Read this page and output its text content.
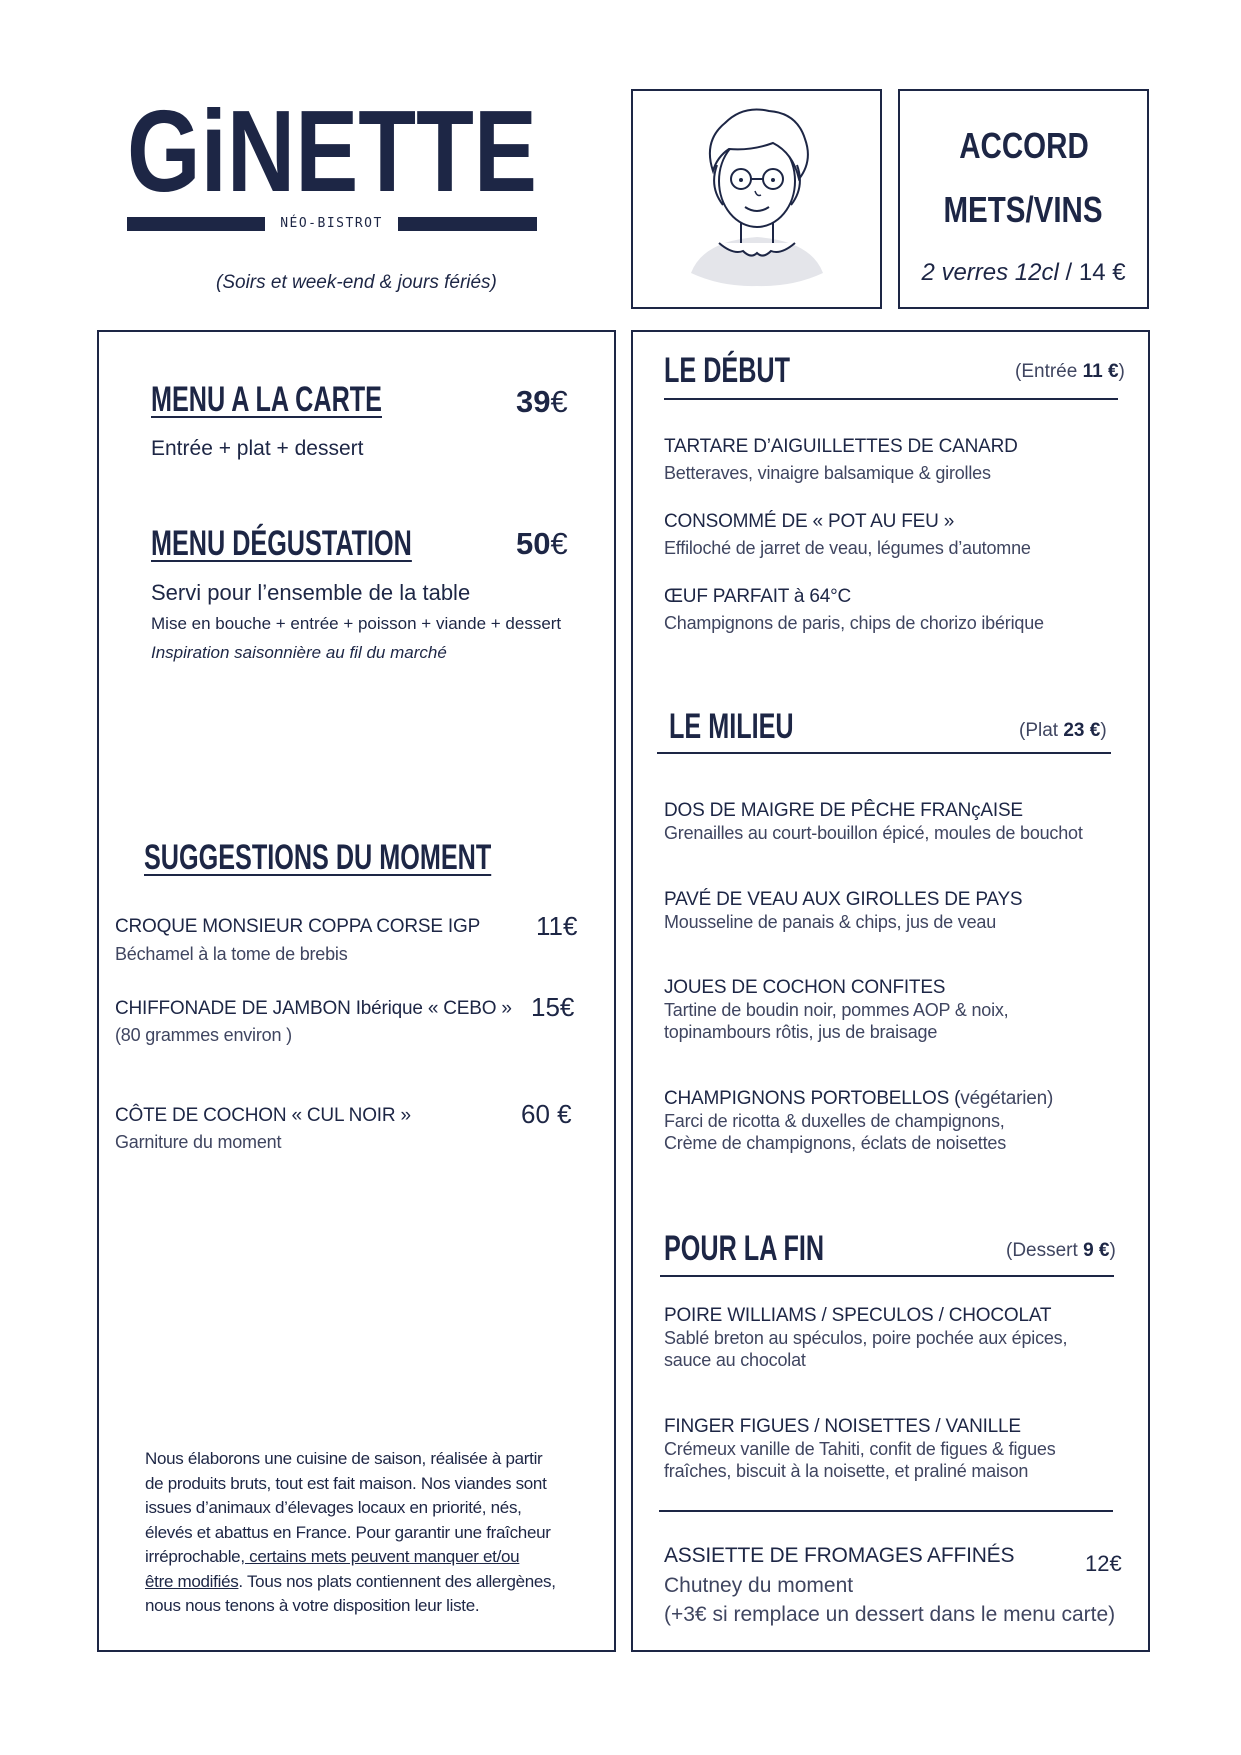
GiNETTE
NÉO-BISTROT
(Soirs et week-end & jours fériés)
ACCORD
METS/VINS
2 verres 12cl / 14 €
MENU A LA CARTE	39€
Entrée + plat + dessert
MENU DÉGUSTATION	50€
Servi pour l’ensemble de la table
Mise en bouche + entrée + poisson + viande + dessert
Inspiration saisonnière au fil du marché
SUGGESTIONS DU MOMENT
CROQUE MONSIEUR COPPA CORSE IGP
Béchamel à la tome de brebis
11€
CHIFFONADE DE JAMBON Ibérique « CEBO »
(80 grammes environ )
15€
CÔTE DE COCHON « CUL NOIR »
Garniture du moment
60 €
Nous élaborons une cuisine de saison, réalisée à partir
de produits bruts, tout est fait maison. Nos viandes sont
issues d’animaux d’élevages locaux en priorité, nés,
élevés et abattus en France. Pour garantir une fraîcheur
irréprochable, certains mets peuvent manquer et/ou
être modifiés. Tous nos plats contiennent des allergènes,
nous nous tenons à votre disposition leur liste.
LE DÉBUT	(Entrée 11 €)
TARTARE D’AIGUILLETTES DE CANARD
Betteraves, vinaigre balsamique & girolles
CONSOMMÉ DE « POT AU FEU »
Effiloché de jarret de veau, légumes d’automne
ŒUF PARFAIT à 64°C
Champignons de paris, chips de chorizo ibérique
LE MILIEU	(Plat 23 €)
DOS DE MAIGRE DE PÊCHE FRANçAISE
Grenailles au court-bouillon épicé, moules de bouchot
PAVÉ DE VEAU AUX GIROLLES DE PAYS
Mousseline de panais & chips, jus de veau
JOUES DE COCHON CONFITES
Tartine de boudin noir, pommes AOP & noix,
topinambours rôtis, jus de braisage
CHAMPIGNONS PORTOBELLOS (végétarien)
Farci de ricotta & duxelles de champignons,
Crème de champignons, éclats de noisettes
POUR LA FIN	(Dessert 9 €)
POIRE WILLIAMS / SPECULOS / CHOCOLAT
Sablé breton au spéculos, poire pochée aux épices,
sauce au chocolat
FINGER FIGUES / NOISETTES / VANILLE
Crémeux vanille de Tahiti, confit de figues & figues
fraîches, biscuit à la noisette, et praliné maison
ASSIETTE DE FROMAGES AFFINÉS	12€
Chutney du moment
(+3€ si remplace un dessert dans le menu carte)
